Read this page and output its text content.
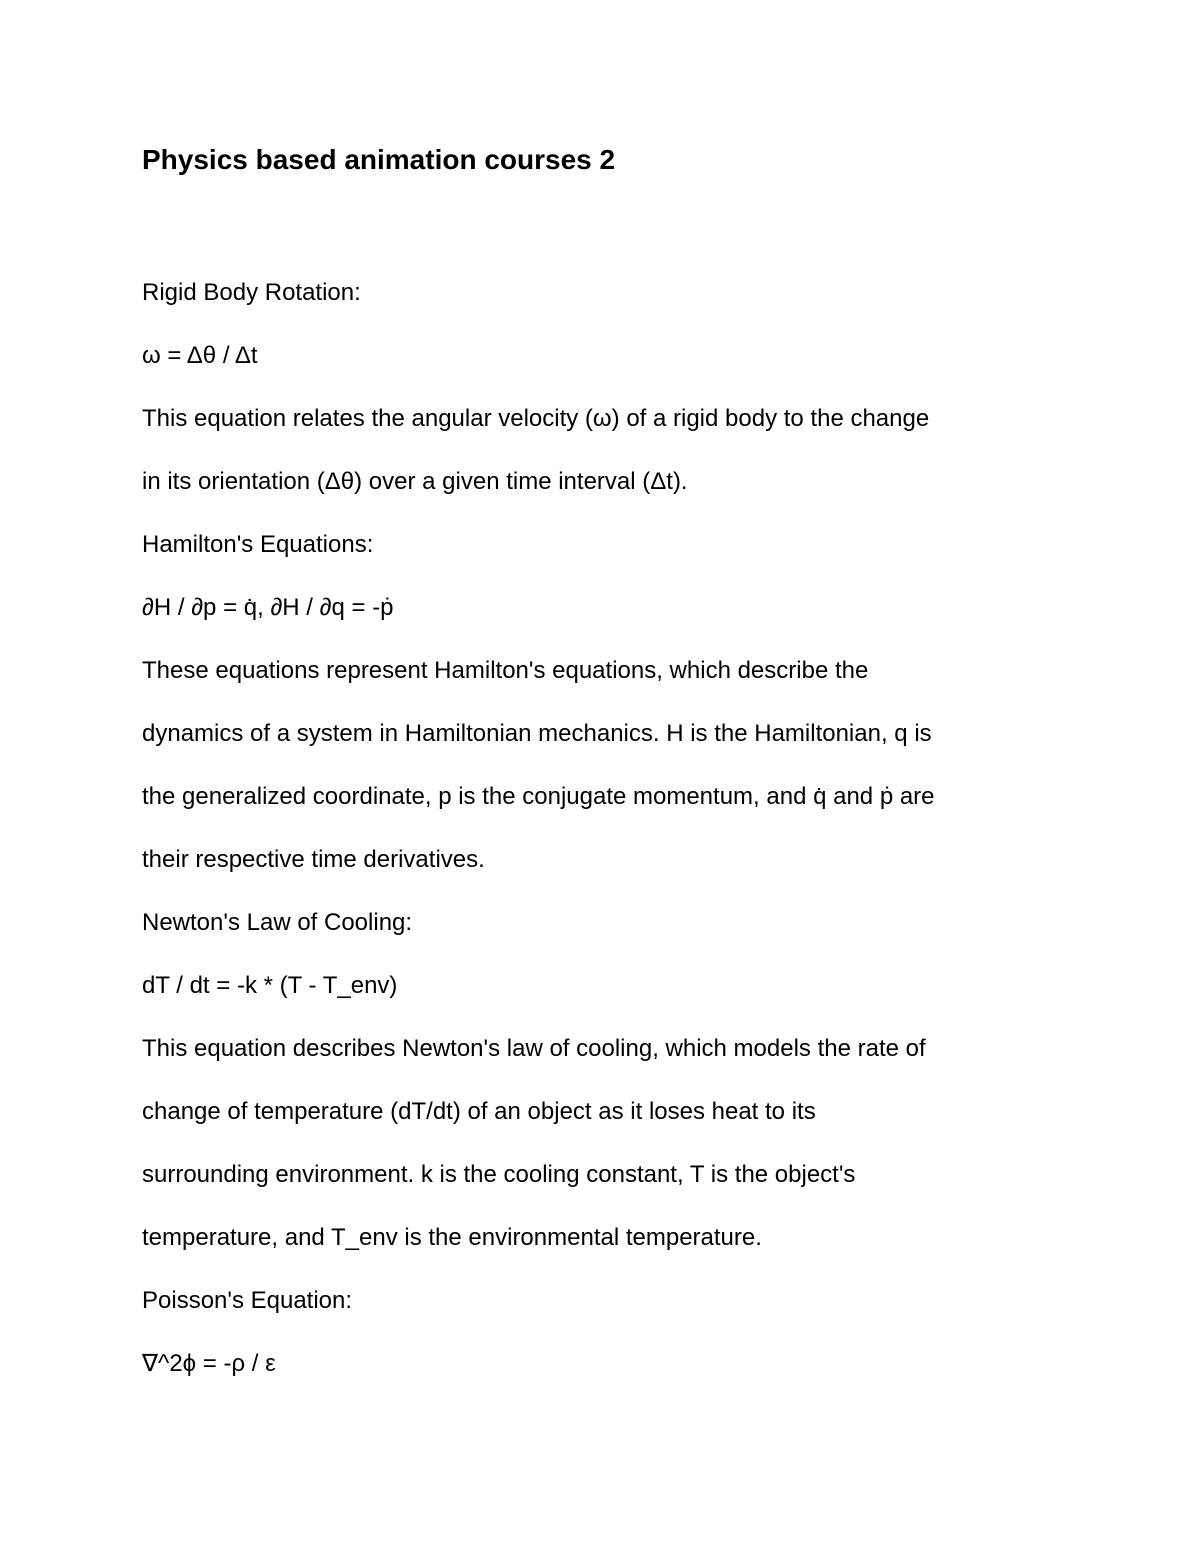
Physics based animation courses 2
Rigid Body Rotation:
ω = Δθ / Δt
This equation relates the angular velocity (ω) of a rigid body to the change
in its orientation (Δθ) over a given time interval (Δt).
Hamilton's Equations:
∂H / ∂p = q̇, ∂H / ∂q = -ṗ
These equations represent Hamilton's equations, which describe the
dynamics of a system in Hamiltonian mechanics. H is the Hamiltonian, q is
the generalized coordinate, p is the conjugate momentum, and q̇ and ṗ are
their respective time derivatives.
Newton's Law of Cooling:
dT / dt = -k * (T - T_env)
This equation describes Newton's law of cooling, which models the rate of
change of temperature (dT/dt) of an object as it loses heat to its
surrounding environment. k is the cooling constant, T is the object's
temperature, and T_env is the environmental temperature.
Poisson's Equation:
∇^2ϕ = -ρ / ε
